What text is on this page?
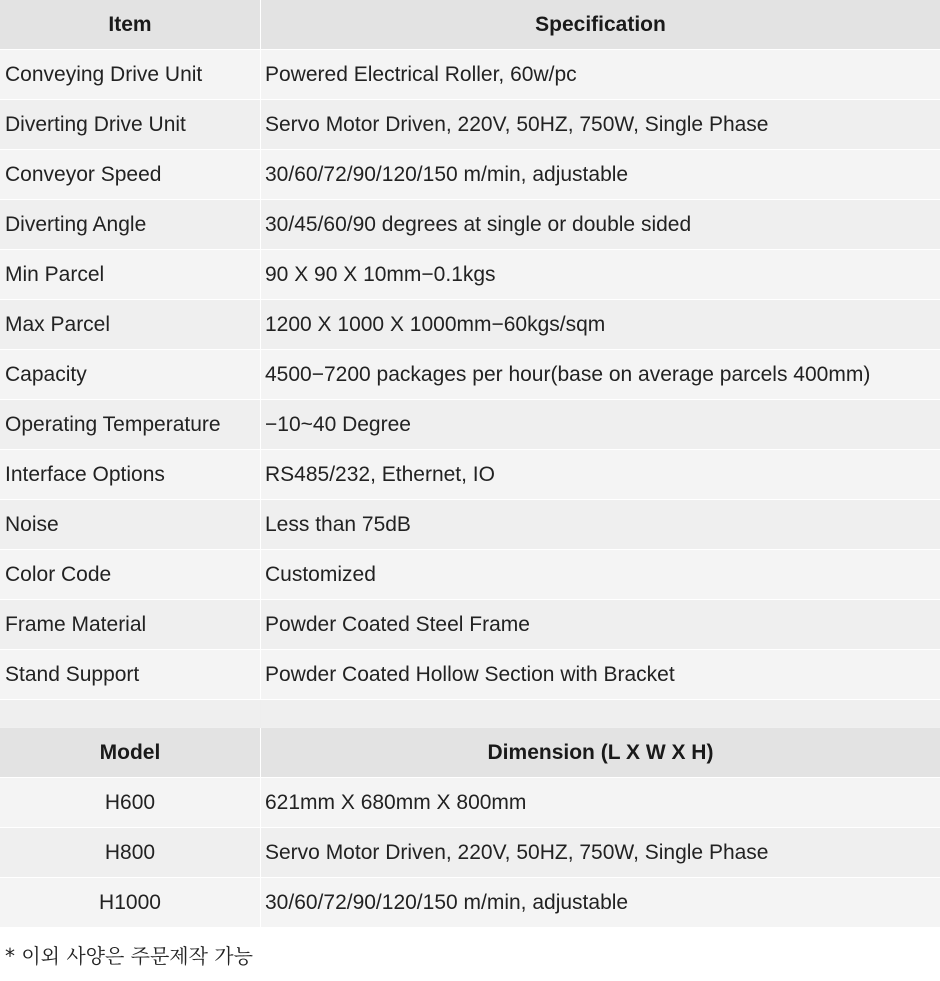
Item	Specification
Conveying Drive Unit	Powered Electrical Roller, 60w/pc
Diverting Drive Unit	Servo Motor Driven, 220V, 50HZ, 750W, Single Phase
Conveyor Speed	30/60/72/90/120/150 m/min, adjustable
Diverting Angle	30/45/60/90 degrees at single or double sided
Min Parcel	90 X 90 X 10mm−0.1kgs
Max Parcel	1200 X 1000 X 1000mm−60kgs/sqm
Capacity	4500−7200 packages per hour(base on average parcels 400mm)
Operating Temperature	−10~40 Degree
Interface Options	RS485/232, Ethernet, IO
Noise	Less than 75dB
Color Code	Customized
Frame Material	Powder Coated Steel Frame
Stand Support	Powder Coated Hollow Section with Bracket

Model	Dimension (L X W X H)
H600	621mm X 680mm X 800mm
H800	Servo Motor Driven, 220V, 50HZ, 750W, Single Phase
H1000	30/60/72/90/120/150 m/min, adjustable
* 이외 사양은 주문제작 가능
